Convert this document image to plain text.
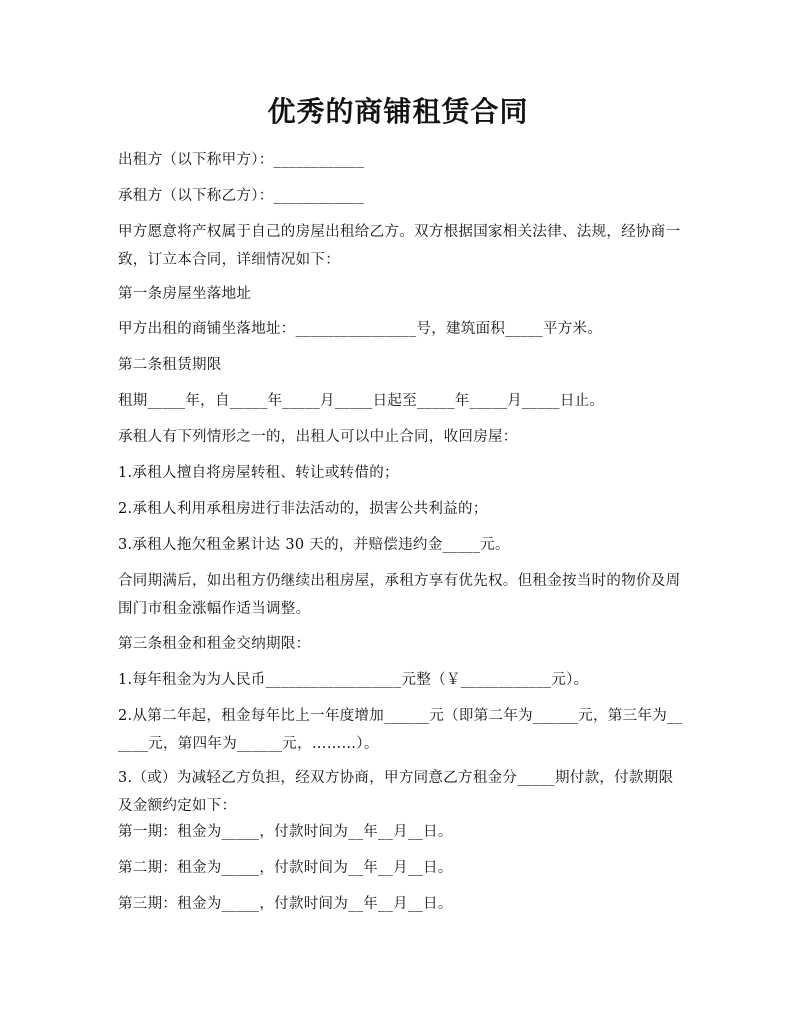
优秀的商铺租赁合同
出租方（以下称甲方）：____________
承租方（以下称乙方）：____________
甲方愿意将产权属于自己的房屋出租给乙方。双方根据国家相关法律、法规，经协商一致，订立本合同，详细情况如下：
第一条房屋坐落地址
甲方出租的商铺坐落地址：________________号，建筑面积_____平方米。
第二条租赁期限
租期_____年，自_____年_____月_____日起至_____年_____月_____日止。
承租人有下列情形之一的，出租人可以中止合同，收回房屋：
1.承租人擅自将房屋转租、转让或转借的；
2.承租人利用承租房进行非法活动的，损害公共利益的；
3.承租人拖欠租金累计达 30 天的，并赔偿违约金_____元。
合同期满后，如出租方仍继续出租房屋，承租方享有优先权。但租金按当时的物价及周围门市租金涨幅作适当调整。
第三条租金和租金交纳期限：
1.每年租金为为人民币__________________元整（￥____________元）。
2.从第二年起，租金每年比上一年度增加______元（即第二年为______元，第三年为______元，第四年为______元，………）。
3.（或）为减轻乙方负担，经双方协商，甲方同意乙方租金分_____期付款，付款期限及金额约定如下：
第一期：租金为_____，付款时间为__年__月__日。
第二期：租金为_____，付款时间为__年__月__日。
第三期：租金为_____，付款时间为__年__月__日。
